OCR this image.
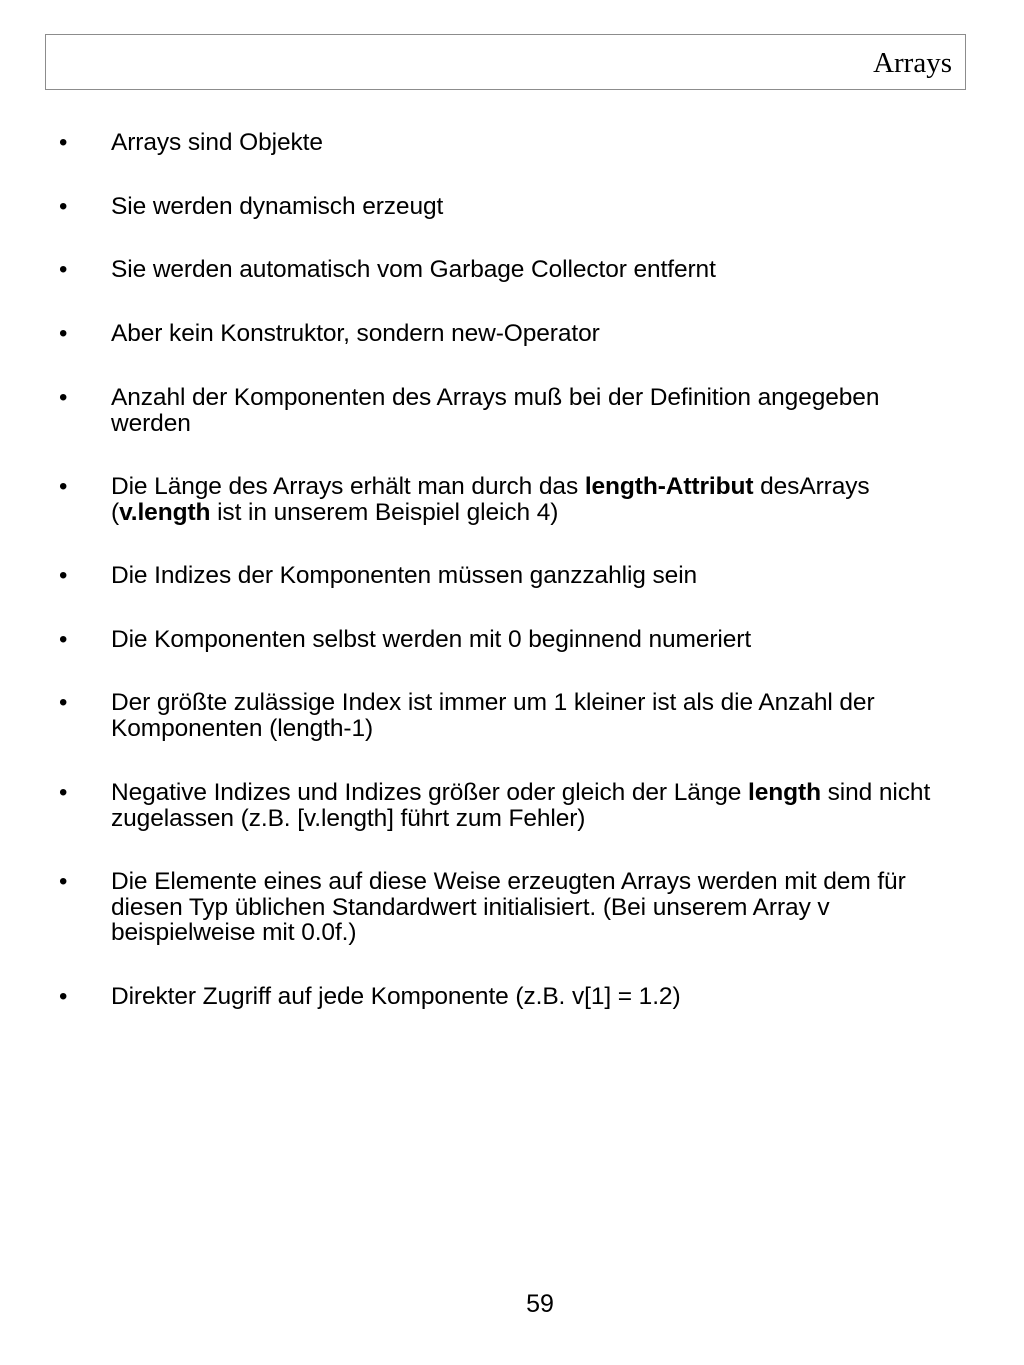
Arrays
• Arrays sind Objekte
• Sie werden dynamisch erzeugt
• Sie werden automatisch vom Garbage Collector entfernt
• Aber kein Konstruktor, sondern new-Operator
• Anzahl der Komponenten des Arrays muß bei der Definition angegeben werden
• Die Länge des Arrays erhält man durch das length-Attribut desArrays (v.length ist in unserem Beispiel gleich 4)
• Die Indizes der Komponenten müssen ganzzahlig sein
• Die Komponenten selbst werden mit 0 beginnend numeriert
• Der größte zulässige Index ist immer um 1 kleiner ist als die Anzahl der Komponenten (length-1)
• Negative Indizes und Indizes größer oder gleich der Länge length sind nicht zugelassen (z.B. [v.length] führt zum Fehler)
• Die Elemente eines auf diese Weise erzeugten Arrays werden mit dem für diesen Typ üblichen Standardwert initialisiert. (Bei unserem Array v beispielweise mit 0.0f.)
• Direkter Zugriff auf jede Komponente (z.B. v[1] = 1.2)
59
